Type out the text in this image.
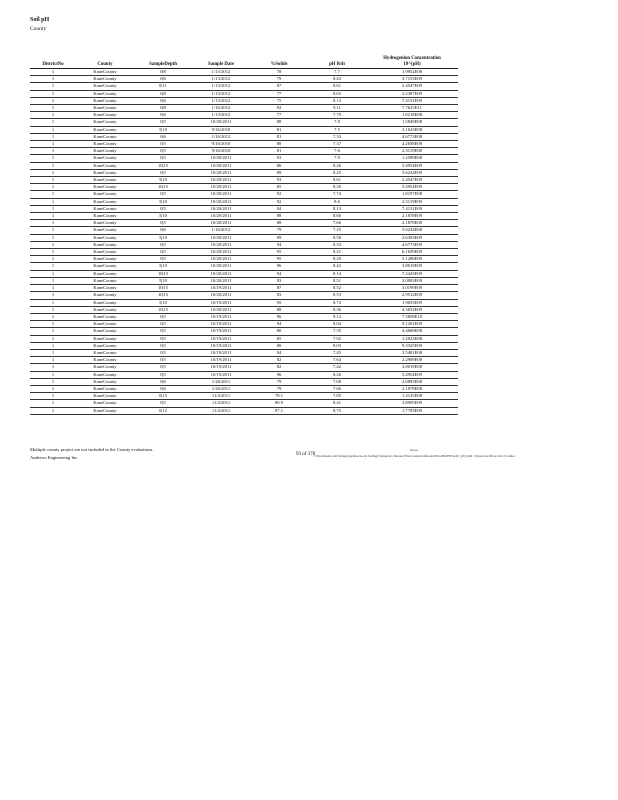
Soil pH
County
DistrictNo	County	SampleDepth	Sample Date	%Solids	pH Rslt	Hydrogenion Concentration
10^(pH)

1	KaneCounty	0|8	1/13/2012	78	7.7	1.9952E08
1	KaneCounty	0|6	1/13/2012	79	8.43	3.7153E09
1	KaneCounty	8|11	1/13/2012	87	8.61	2.4547E09
1	KaneCounty	0|8	1/13/2012	77	8.65	2.2387E09
1	KaneCounty	0|6	1/13/2012	75	8.13	7.4131E09
1	KaneCounty	0|8	1/16/2012	92	9.11	7.7625E11
1	KaneCounty	0|6	1/13/2012	77	7.79	1.6218E08
1	KaneCounty	0|5	10/20/2011	88	7.8	1.5849E08
1	KaneCounty	5|10	9/16/2010	81	7.5	3.1623E08
1	KaneCounty	0|6	1/16/2012	81	7.33	4.6773E08
1	KaneCounty	0|5	9/16/2010	80	7.37	4.2658E08
1	KaneCounty	0|5	9/16/2010	81	7.6	2.5119E08
1	KaneCounty	0|5	10/20/2011	93	7.9	1.2589E08
1	KaneCounty	10|15	10/20/2011	86	8.26	5.4954E09
1	KaneCounty	0|5	10/20/2011	89	8.25	5.6234E09
1	KaneCounty	5|10	10/20/2011	93	8.61	2.4547E09
1	KaneCounty	10|15	10/20/2011	85	8.26	5.4954E09
1	KaneCounty	0|5	10/20/2011	92	7.74	1.8197E08
1	KaneCounty	5|10	10/20/2011	92	8.6	2.5119E09
1	KaneCounty	0|5	10/20/2011	94	8.13	7.4131E09
1	KaneCounty	5|10	10/20/2011	88	8.66	2.1878E09
1	KaneCounty	0|5	10/20/2011	88	7.66	2.1878E08
1	KaneCounty	0|6	1/16/2012	79	7.25	5.6234E08
1	KaneCounty	5|10	10/20/2011	89	8.58	2.6303E09
1	KaneCounty	0|5	10/20/2011	94	8.33	4.6773E09
1	KaneCounty	0|5	10/20/2011	95	8.21	6.1659E09
1	KaneCounty	0|5	10/20/2011	95	8.29	5.1286E09
1	KaneCounty	5|10	10/20/2011	96	8.42	3.8019E09
1	KaneCounty	10|15	10/20/2011	94	8.14	7.2443E09
1	KaneCounty	5|10	10/20/2011	93	8.51	3.0903E09
1	KaneCounty	10|15	10/19/2011	87	8.52	3.0199E09
1	KaneCounty	10|15	10/20/2011	83	8.53	2.9512E09
1	KaneCounty	5|10	10/19/2011	95	8.72	1.9055E09
1	KaneCounty	10|15	10/20/2011	88	8.36	4.3652E09
1	KaneCounty	0|5	10/19/2011	96	9.12	7.5858E10
1	KaneCounty	0|5	10/19/2011	94	8.04	9.1201E09
1	KaneCounty	0|5	10/19/2011	80	7.35	4.4668E08
1	KaneCounty	0|5	10/19/2011	85	7.92	1.2023E08
1	KaneCounty	0|5	10/19/2011	80	8.03	9.3325E09
1	KaneCounty	0|5	10/19/2011	94	7.45	3.5481E08
1	KaneCounty	0|5	10/19/2011	82	7.64	2.2909E08
1	KaneCounty	0|5	10/19/2011	82	7.42	3.8019E08
1	KaneCounty	0|5	10/19/2011	96	8.26	5.4954E09
1	KaneCounty	0|6	1/26/2011	79	7.68	2.0893E08
1	KaneCounty	0|6	1/26/2011	79	7.66	2.1878E08
1	KaneCounty	0|15	11/4/2011	78.1	7.85	1.4125E08
1	KaneCounty	0|5	11/4/2011	80.9	8.41	3.8905E09
1	KaneCounty	0|12	11/4/2011	87.1	8.75	1.7783E09
Multiple county project are not included in the County evaluations.
Andrews Engineering Inc.
93 of 378
Notes
J:\Documents and Settings\plexhoe\Local Settings\Temporary Internet Files\Content.Outlook\NOGXB4YH\SoilT_pH_DeR / Version Archives 4/4/13 Cables
